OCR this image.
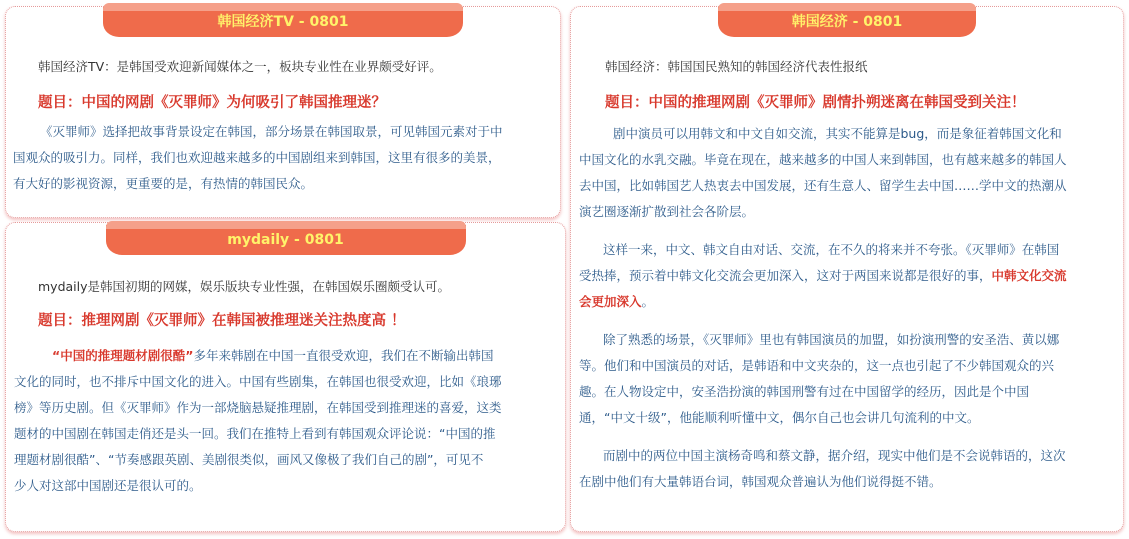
韩国经济TV - 0801
韩国经济TV：是韩国受欢迎新闻媒体之一，板块专业性在业界颇受好评。
题目：中国的网剧《灭罪师》为何吸引了韩国推理迷？

《灭罪师》选择把故事背景设定在韩国，部分场景在韩国取景，可见韩国元素对于中

国观众的吸引力。同样，我们也欢迎越来越多的中国剧组来到韩国，这里有很多的美景，

有大好的影视资源，更重要的是，有热情的韩国民众。

mydaily - 0801
mydaily是韩国初期的网媒，娱乐版块专业性强，在韩国娱乐圈颇受认可。
题目：推理网剧《灭罪师》在韩国被推理迷关注热度高 ！

“中国的推理题材剧很酷”多年来韩剧在中国一直很受欢迎，我们在不断输出韩国

文化的同时，也不排斥中国文化的进入。中国有些剧集，在韩国也很受欢迎，比如《琅琊

榜》等历史剧。但《灭罪师》作为一部烧脑悬疑推理剧，在韩国受到推理迷的喜爱，这类

题材的中国剧在韩国走俏还是头一回。我们在推特上看到有韩国观众评论说：“中国的推

理题材剧很酷”、“节奏感跟英剧、美剧很类似，画风又像极了我们自己的剧”，可见不

少人对这部中国剧还是很认可的。

韩国经济 - 0801
韩国经济：韩国国民熟知的韩国经济代表性报纸
题目：中国的推理网剧《灭罪师》剧情扑朔迷离在韩国受到关注！

剧中演员可以用韩文和中文自如交流，其实不能算是bug，而是象征着韩国文化和

中国文化的水乳交融。毕竟在现在，越来越多的中国人来到韩国，也有越来越多的韩国人

去中国，比如韩国艺人热衷去中国发展，还有生意人、留学生去中国……学中文的热潮从

演艺圈逐渐扩散到社会各阶层。

这样一来，中文、韩文自由对话、交流，在不久的将来并不夸张。《灭罪师》在韩国

受热捧，预示着中韩文化交流会更加深入，这对于两国来说都是很好的事，中韩文化交流

会更加深入。

除了熟悉的场景，《灭罪师》里也有韩国演员的加盟，如扮演刑警的安圣浩、黄以娜

等。他们和中国演员的对话，是韩语和中文夹杂的，这一点也引起了不少韩国观众的兴

趣。在人物设定中，安圣浩扮演的韩国刑警有过在中国留学的经历，因此是个中国

通，“中文十级”，他能顺利听懂中文，偶尔自己也会讲几句流利的中文。

而剧中的两位中国主演杨奇鸣和蔡文静，据介绍，现实中他们是不会说韩语的，这次

在剧中他们有大量韩语台词，韩国观众普遍认为他们说得挺不错。
